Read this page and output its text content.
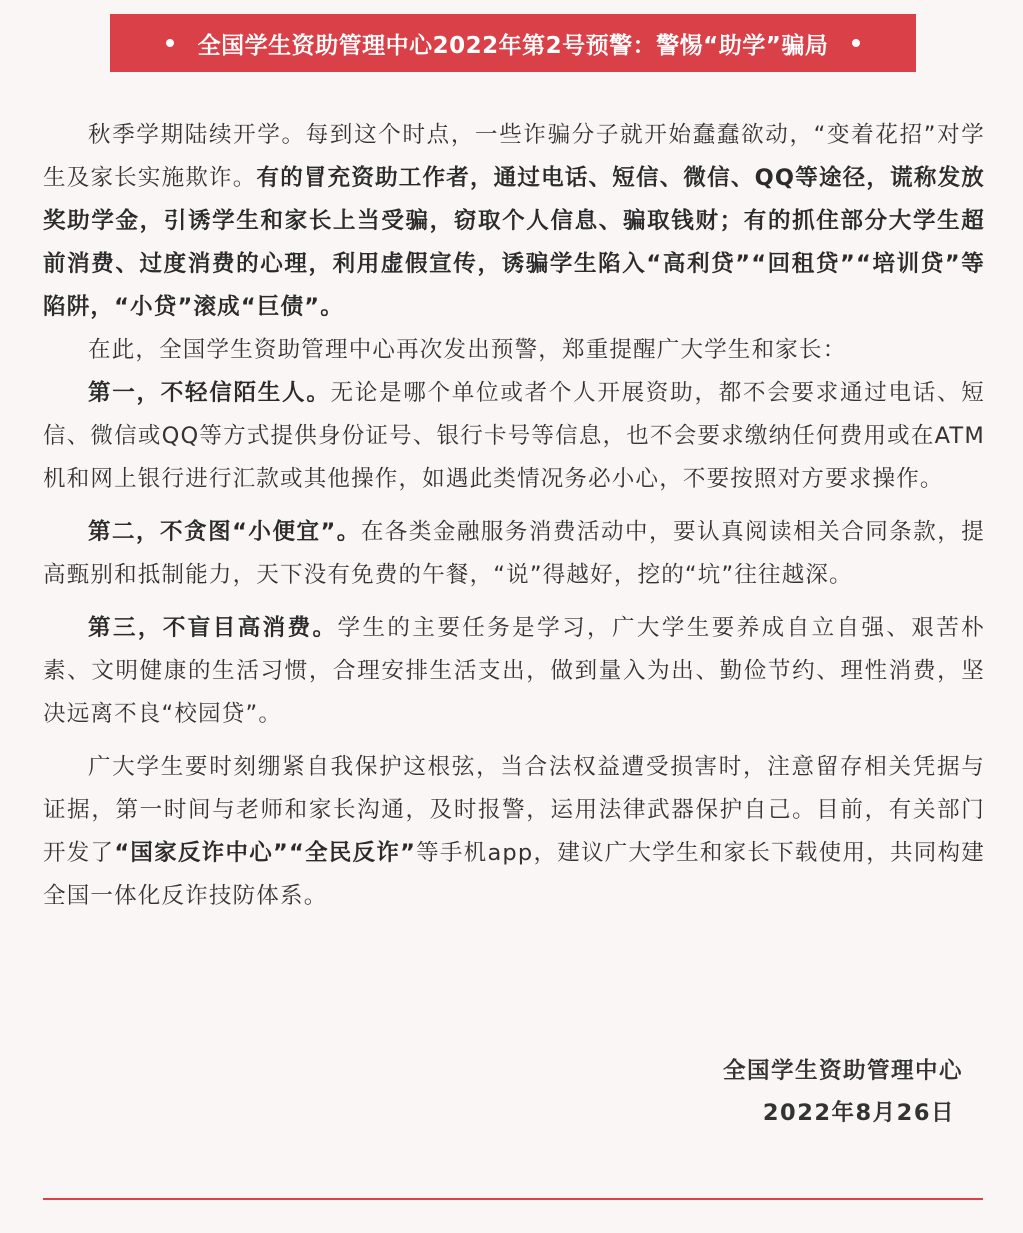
全国学生资助管理中心2022年第2号预警：警惕“助学”骗局

秋季学期陆续开学。每到这个时点，一些诈骗分子就开始蠢蠢欲动，“变着花招”对学生及家长实施欺诈。有的冒充资助工作者，通过电话、短信、微信、QQ等途径，谎称发放奖助学金，引诱学生和家长上当受骗，窃取个人信息、骗取钱财；有的抓住部分大学生超前消费、过度消费的心理，利用虚假宣传，诱骗学生陷入“高利贷”“回租贷”“培训贷”等陷阱，“小贷”滚成“巨债”。

在此，全国学生资助管理中心再次发出预警，郑重提醒广大学生和家长：

第一，不轻信陌生人。无论是哪个单位或者个人开展资助，都不会要求通过电话、短信、微信或QQ等方式提供身份证号、银行卡号等信息，也不会要求缴纳任何费用或在ATM机和网上银行进行汇款或其他操作，如遇此类情况务必小心，不要按照对方要求操作。

第二，不贪图“小便宜”。在各类金融服务消费活动中，要认真阅读相关合同条款，提高甄别和抵制能力，天下没有免费的午餐，“说”得越好，挖的“坑”往往越深。

第三，不盲目高消费。学生的主要任务是学习，广大学生要养成自立自强、艰苦朴素、文明健康的生活习惯，合理安排生活支出，做到量入为出、勤俭节约、理性消费，坚决远离不良“校园贷”。

广大学生要时刻绷紧自我保护这根弦，当合法权益遭受损害时，注意留存相关凭据与证据，第一时间与老师和家长沟通，及时报警，运用法律武器保护自己。目前，有关部门开发了“国家反诈中心”“全民反诈”等手机app，建议广大学生和家长下载使用，共同构建全国一体化反诈技防体系。

全国学生资助管理中心
2022年8月26日
